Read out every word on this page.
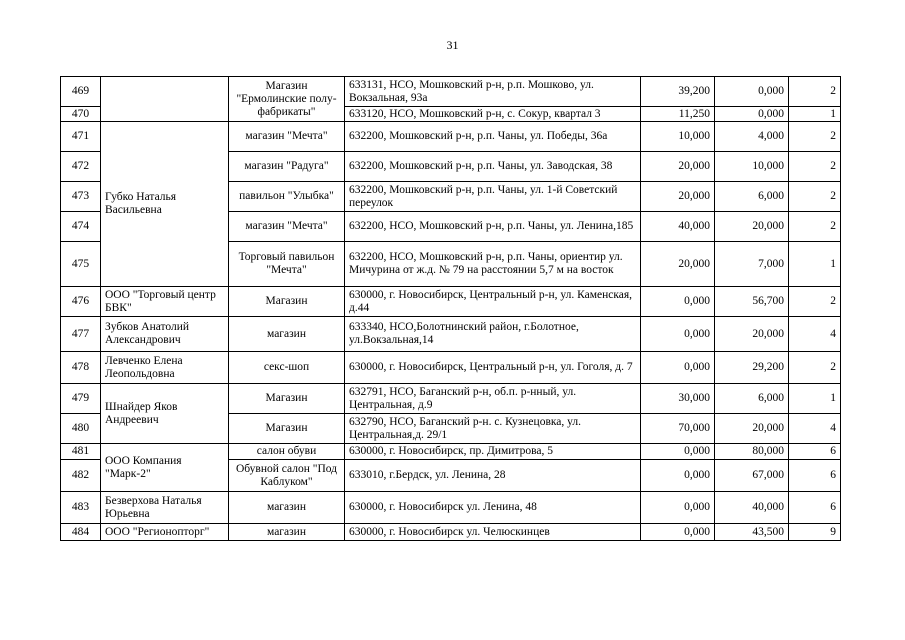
31
469		Магазин "Ермолинские полу-фабрикаты"	633131, НСО, Мошковский р-н, р.п. Мошково, ул. Вокзальная, 93а	39,200	0,000	2
470			633120, НСО, Мошковский р-н, с. Сокур, квартал 3	11,250	0,000	1
471	Губко Наталья Васильевна	магазин "Мечта"	632200, Мошковский р-н, р.п. Чаны, ул. Победы, 36а	10,000	4,000	2
472		магазин "Радуга"	632200, Мошковский р-н, р.п. Чаны, ул. Заводская, 38	20,000	10,000	2
473		павильон "Улыбка"	632200, Мошковский р-н, р.п. Чаны, ул. 1-й Советский переулок	20,000	6,000	2
474		магазин "Мечта"	632200, НСО, Мошковский р-н, р.п. Чаны, ул. Ленина,185	40,000	20,000	2
475		Торговый павильон "Мечта"	632200, НСО, Мошковский р-н, р.п. Чаны, ориентир ул. Мичурина от ж.д. № 79 на расстоянии 5,7 м на восток	20,000	7,000	1
476	ООО "Торговый центр БВК"	Магазин	630000, г. Новосибирск, Центральный р-н, ул. Каменская, д.44	0,000	56,700	2
477	Зубков Анатолий Александрович	магазин	633340, НСО,Болотнинский район, г.Болотное, ул.Вокзальная,14	0,000	20,000	4
478	Левченко Елена Леопольдовна	секс-шоп	630000, г. Новосибирск, Центральный р-н, ул. Гоголя, д. 7	0,000	29,200	2
479	Шнайдер Яков Андреевич	Магазин	632791, НСО, Баганский р-н, об.п. р-нный, ул. Центральная, д.9	30,000	6,000	1
480		Магазин	632790, НСО, Баганский р-н. с. Кузнецовка, ул. Центральная,д. 29/1	70,000	20,000	4
481	ООО Компания "Марк-2"	салон обуви	630000, г. Новосибирск, пр. Димитрова, 5	0,000	80,000	6
482		Обувной салон "Под Каблуком"	633010, г.Бердск, ул. Ленина, 28	0,000	67,000	6
483	Безверхова Наталья Юрьевна	магазин	630000, г. Новосибирск ул. Ленина, 48	0,000	40,000	6
484	ООО "Регионопторг"	магазин	630000, г. Новосибирск ул. Челюскинцев	0,000	43,500	9
